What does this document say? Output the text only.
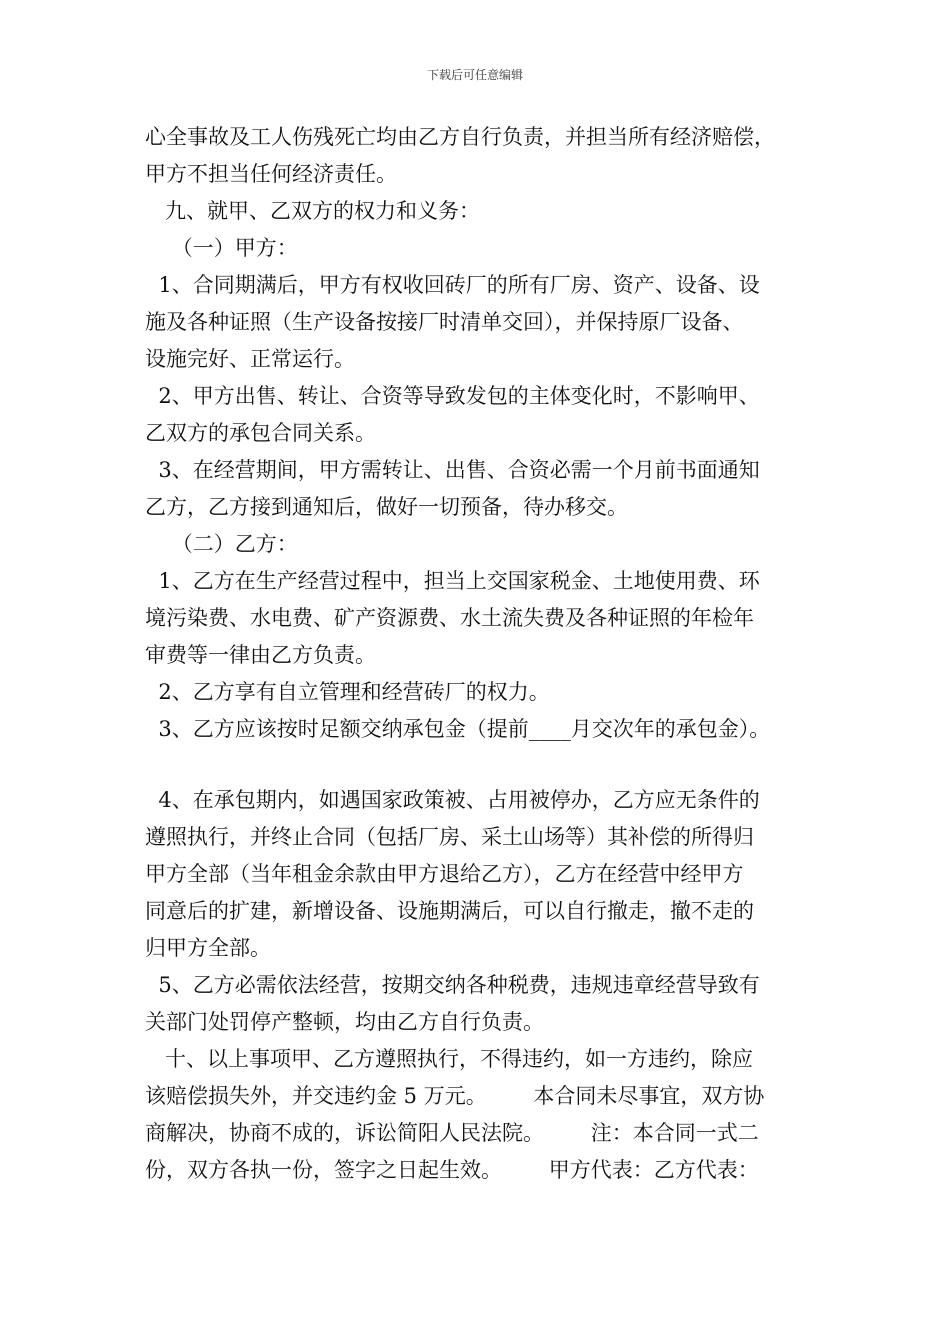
下载后可任意编辑
心全事故及工人伤残死亡均由乙方自行负责，并担当所有经济赔偿，
甲方不担当任何经济责任。
九、就甲、乙双方的权力和义务：
（一）甲方：
1、合同期满后，甲方有权收回砖厂的所有厂房、资产、设备、设
施及各种证照（生产设备按接厂时清单交回），并保持原厂设备、
设施完好、正常运行。
2、甲方出售、转让、合资等导致发包的主体变化时，不影响甲、
乙双方的承包合同关系。
3、在经营期间，甲方需转让、出售、合资必需一个月前书面通知
乙方，乙方接到通知后，做好一切预备，待办移交。
（二）乙方：
1、乙方在生产经营过程中，担当上交国家税金、土地使用费、环
境污染费、水电费、矿产资源费、水土流失费及各种证照的年检年
审费等一律由乙方负责。
2、乙方享有自立管理和经营砖厂的权力。
3、乙方应该按时足额交纳承包金（提前____月交次年的承包金）。
4、在承包期内，如遇国家政策被、占用被停办，乙方应无条件的
遵照执行，并终止合同（包括厂房、采土山场等）其补偿的所得归
甲方全部（当年租金余款由甲方退给乙方），乙方在经营中经甲方
同意后的扩建，新增设备、设施期满后，可以自行撤走，撤不走的
归甲方全部。
5、乙方必需依法经营，按期交纳各种税费，违规违章经营导致有
关部门处罚停产整顿，均由乙方自行负责。
十、以上事项甲、乙方遵照执行，不得违约，如一方违约，除应
该赔偿损失外，并交违约金 5 万元。       本合同未尽事宜，双方协
商解决，协商不成的，诉讼简阳人民法院。       注：本合同一式二
份，双方各执一份，签字之日起生效。       甲方代表：乙方代表：
